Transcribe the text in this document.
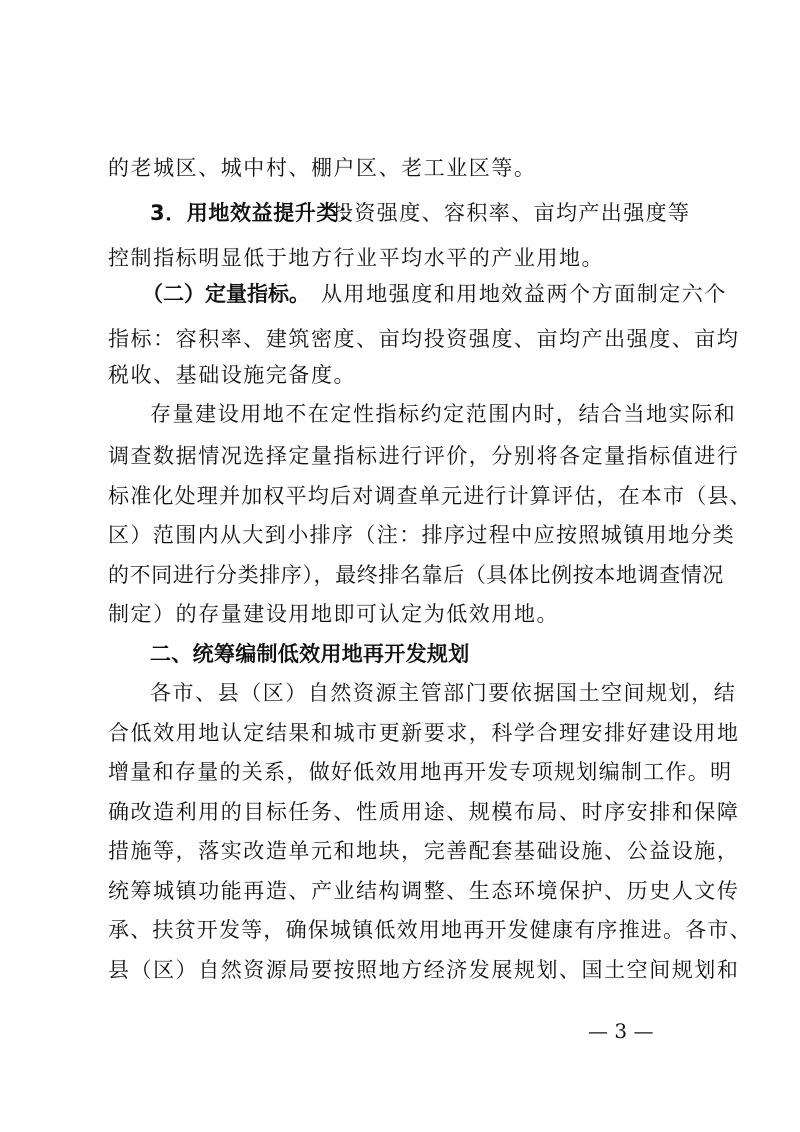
的老城区、城中村、棚户区、老工业区等。
3．用地效益提升类：
投资强度、容积率、亩均产出强度等
控制指标明显低于地方行业平均水平的产业用地。
（二）定量指标。 从用地强度和用地效益两个方面制定六个
指标：容积率、建筑密度、亩均投资强度、亩均产出强度、亩均
税收、基础设施完备度。
存量建设用地不在定性指标约定范围内时，结合当地实际和
调查数据情况选择定量指标进行评价，分别将各定量指标值进行
标准化处理并加权平均后对调查单元进行计算评估，在本市（县、
区）范围内从大到小排序（注：排序过程中应按照城镇用地分类
的不同进行分类排序），最终排名靠后（具体比例按本地调查情况
制定）的存量建设用地即可认定为低效用地。
二、统筹编制低效用地再开发规划
各市、县（区）自然资源主管部门要依据国土空间规划，结
合低效用地认定结果和城市更新要求，科学合理安排好建设用地
增量和存量的关系，做好低效用地再开发专项规划编制工作。明
确改造利用的目标任务、性质用途、规模布局、时序安排和保障
措施等，落实改造单元和地块，完善配套基础设施、公益设施，
统筹城镇功能再造、产业结构调整、生态环境保护、历史人文传
承、扶贫开发等，确保城镇低效用地再开发健康有序推进。各市、
县（区）自然资源局要按照地方经济发展规划、国土空间规划和
— 3 —
